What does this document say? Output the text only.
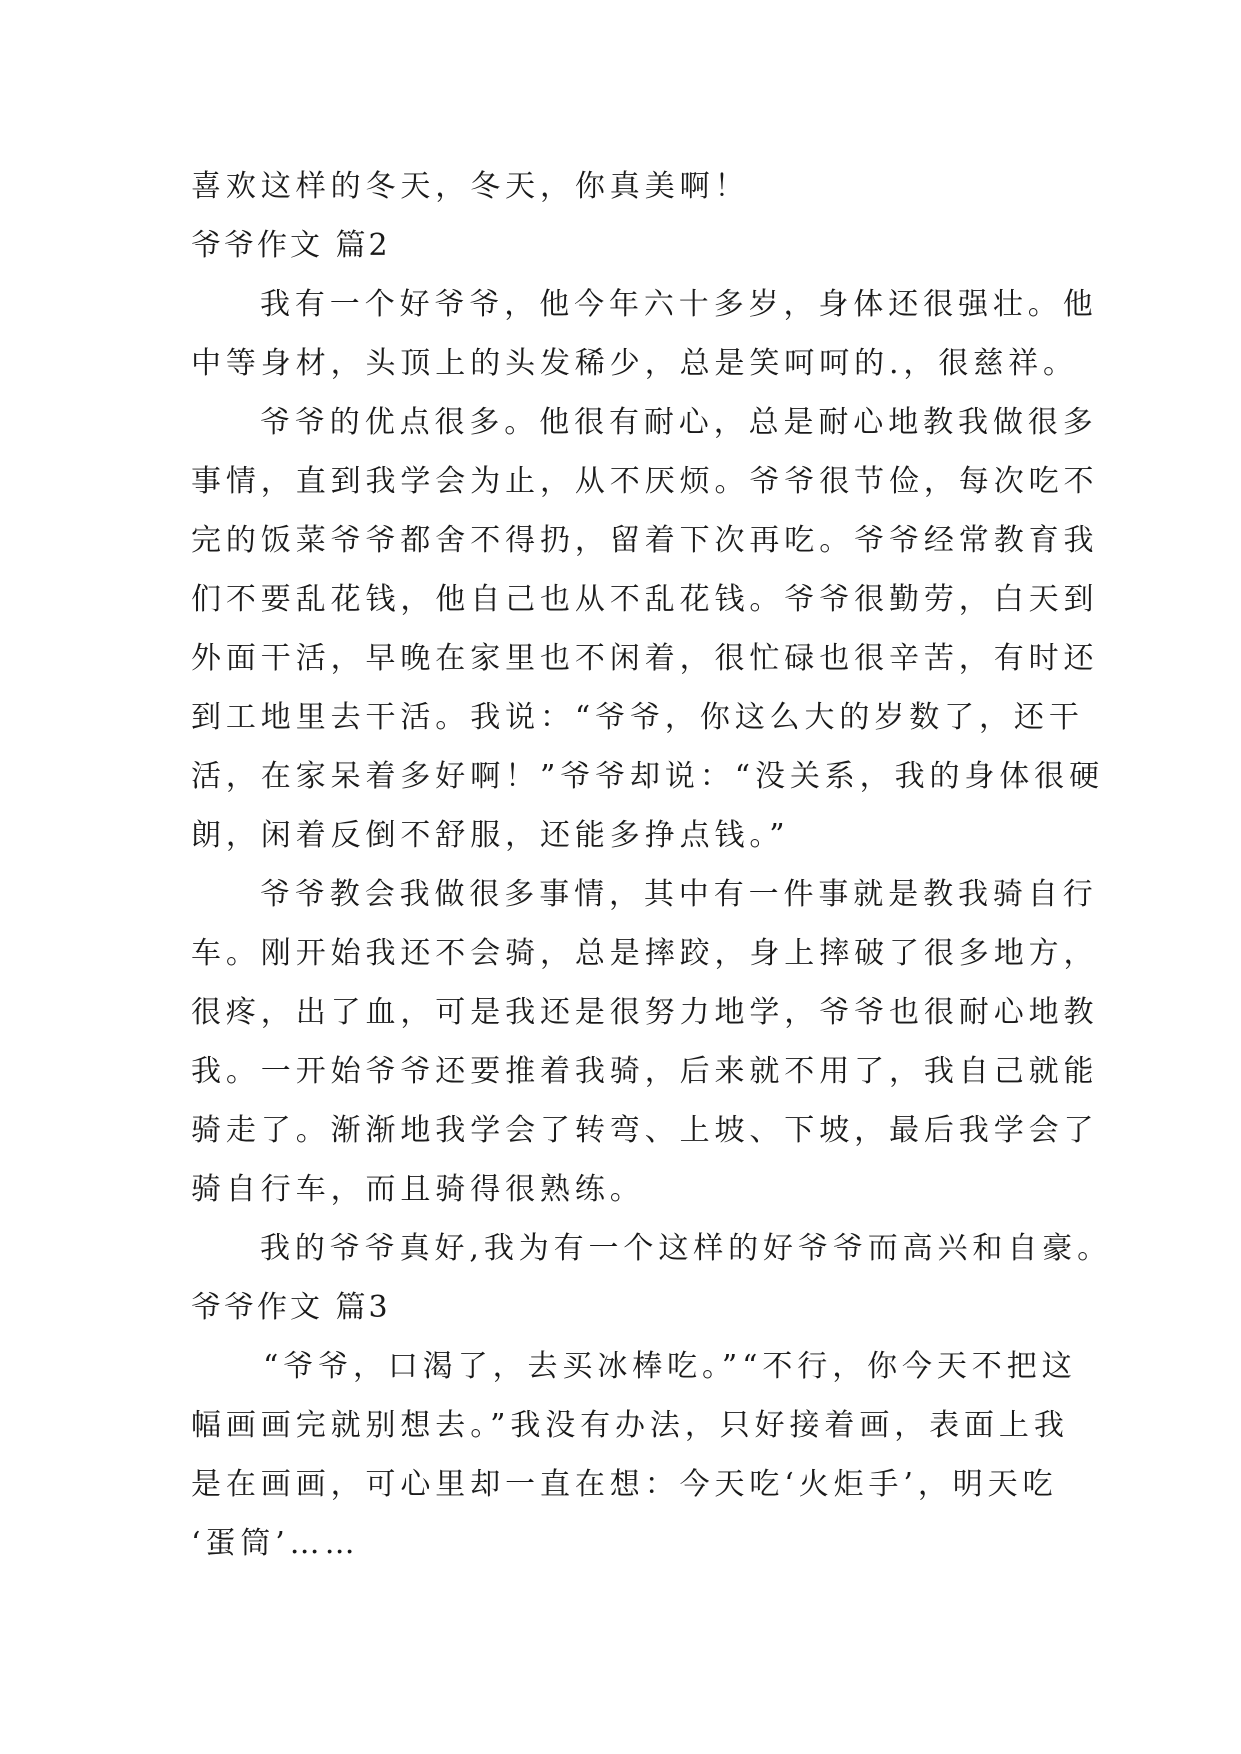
喜欢这样的冬天，冬天，你真美啊！
爷爷作文 篇2
我有一个好爷爷，他今年六十多岁，身体还很强壮。他
中等身材，头顶上的头发稀少，总是笑呵呵的.，很慈祥。
爷爷的优点很多。他很有耐心，总是耐心地教我做很多
事情，直到我学会为止，从不厌烦。爷爷很节俭，每次吃不
完的饭菜爷爷都舍不得扔，留着下次再吃。爷爷经常教育我
们不要乱花钱，他自己也从不乱花钱。爷爷很勤劳，白天到
外面干活，早晚在家里也不闲着，很忙碌也很辛苦，有时还
到工地里去干活。我说：“爷爷，你这么大的岁数了，还干
活，在家呆着多好啊！”爷爷却说：“没关系，我的身体很硬
朗，闲着反倒不舒服，还能多挣点钱。”
爷爷教会我做很多事情，其中有一件事就是教我骑自行
车。刚开始我还不会骑，总是摔跤，身上摔破了很多地方，
很疼，出了血，可是我还是很努力地学，爷爷也很耐心地教
我。一开始爷爷还要推着我骑，后来就不用了，我自己就能
骑走了。渐渐地我学会了转弯、上坡、下坡，最后我学会了
骑自行车，而且骑得很熟练。
我的爷爷真好,我为有一个这样的好爷爷而高兴和自豪。
爷爷作文 篇3
“爷爷，口渴了，去买冰棒吃。”“不行，你今天不把这
幅画画完就别想去。”我没有办法，只好接着画，表面上我
是在画画，可心里却一直在想：今天吃‘火炬手’，明天吃
‘蛋筒’……
